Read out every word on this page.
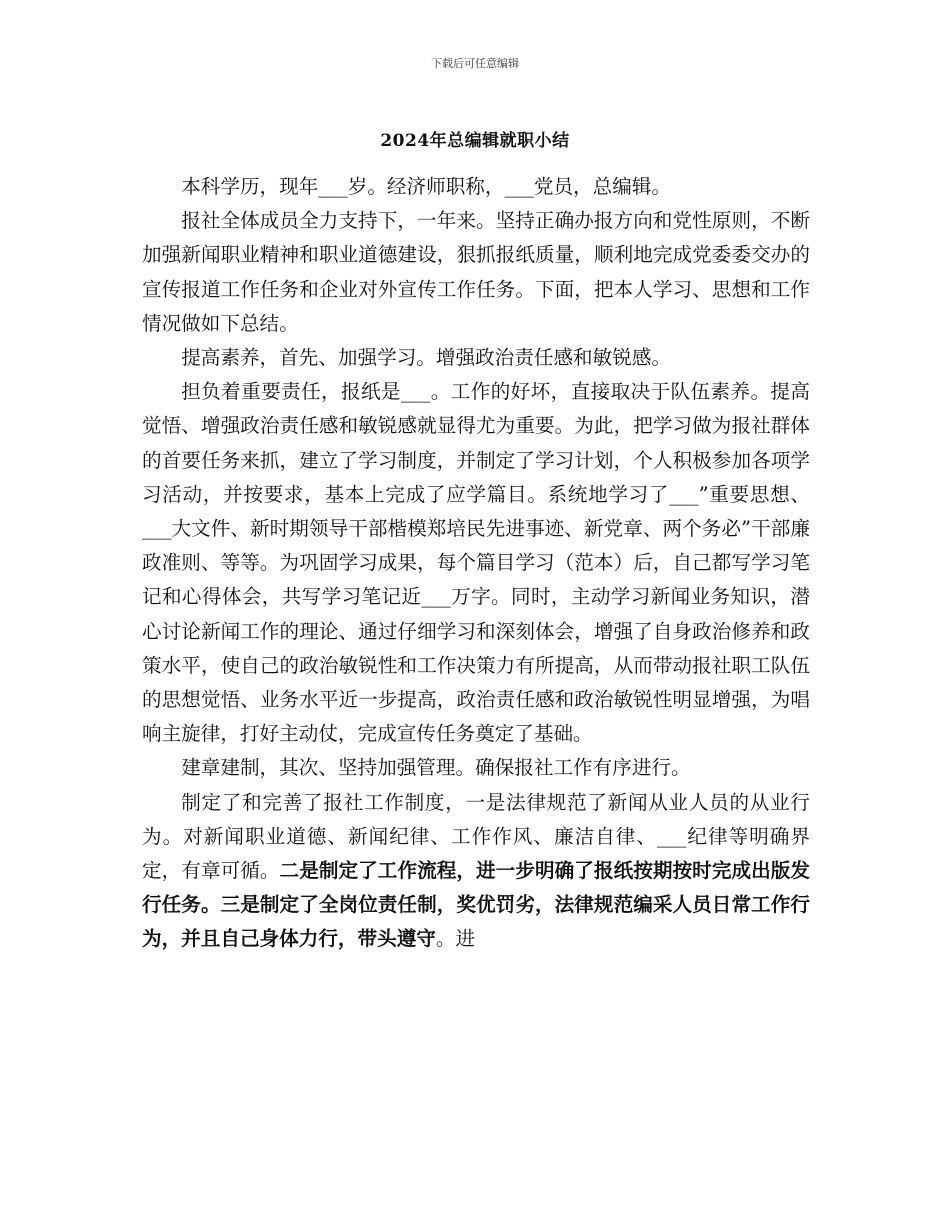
下载后可任意编辑
2024年总编辑就职小结

本科学历，现年___岁。经济师职称，___党员，总编辑。

报社全体成员全力支持下，一年来。坚持正确办报方向和党性原则，不断加强新闻职业精神和职业道德建设，狠抓报纸质量，顺利地完成党委委交办的宣传报道工作任务和企业对外宣传工作任务。下面，把本人学习、思想和工作情况做如下总结。

提高素养，首先、加强学习。增强政治责任感和敏锐感。

担负着重要责任，报纸是___。工作的好坏，直接取决于队伍素养。提高觉悟、增强政治责任感和敏锐感就显得尤为重要。为此，把学习做为报社群体的首要任务来抓，建立了学习制度，并制定了学习计划，个人积极参加各项学习活动，并按要求，基本上完成了应学篇目。系统地学习了___”重要思想、___大文件、新时期领导干部楷模郑培民先进事迹、新党章、两个务必”干部廉政准则、等等。为巩固学习成果，每个篇目学习（范本）后，自己都写学习笔记和心得体会，共写学习笔记近___万字。同时，主动学习新闻业务知识，潜心讨论新闻工作的理论、通过仔细学习和深刻体会，增强了自身政治修养和政策水平，使自己的政治敏锐性和工作决策力有所提高，从而带动报社职工队伍的思想觉悟、业务水平近一步提高，政治责任感和政治敏锐性明显增强，为唱响主旋律，打好主动仗，完成宣传任务奠定了基础。

建章建制，其次、坚持加强管理。确保报社工作有序进行。

制定了和完善了报社工作制度，一是法律规范了新闻从业人员的从业行为。对新闻职业道德、新闻纪律、工作作风、廉洁自律、___纪律等明确界定，有章可循。二是制定了工作流程，进一步明确了报纸按期按时完成出版发行任务。三是制定了全岗位责任制，奖优罚劣，法律规范编采人员日常工作行为，并且自己身体力行，带头遵守。进
